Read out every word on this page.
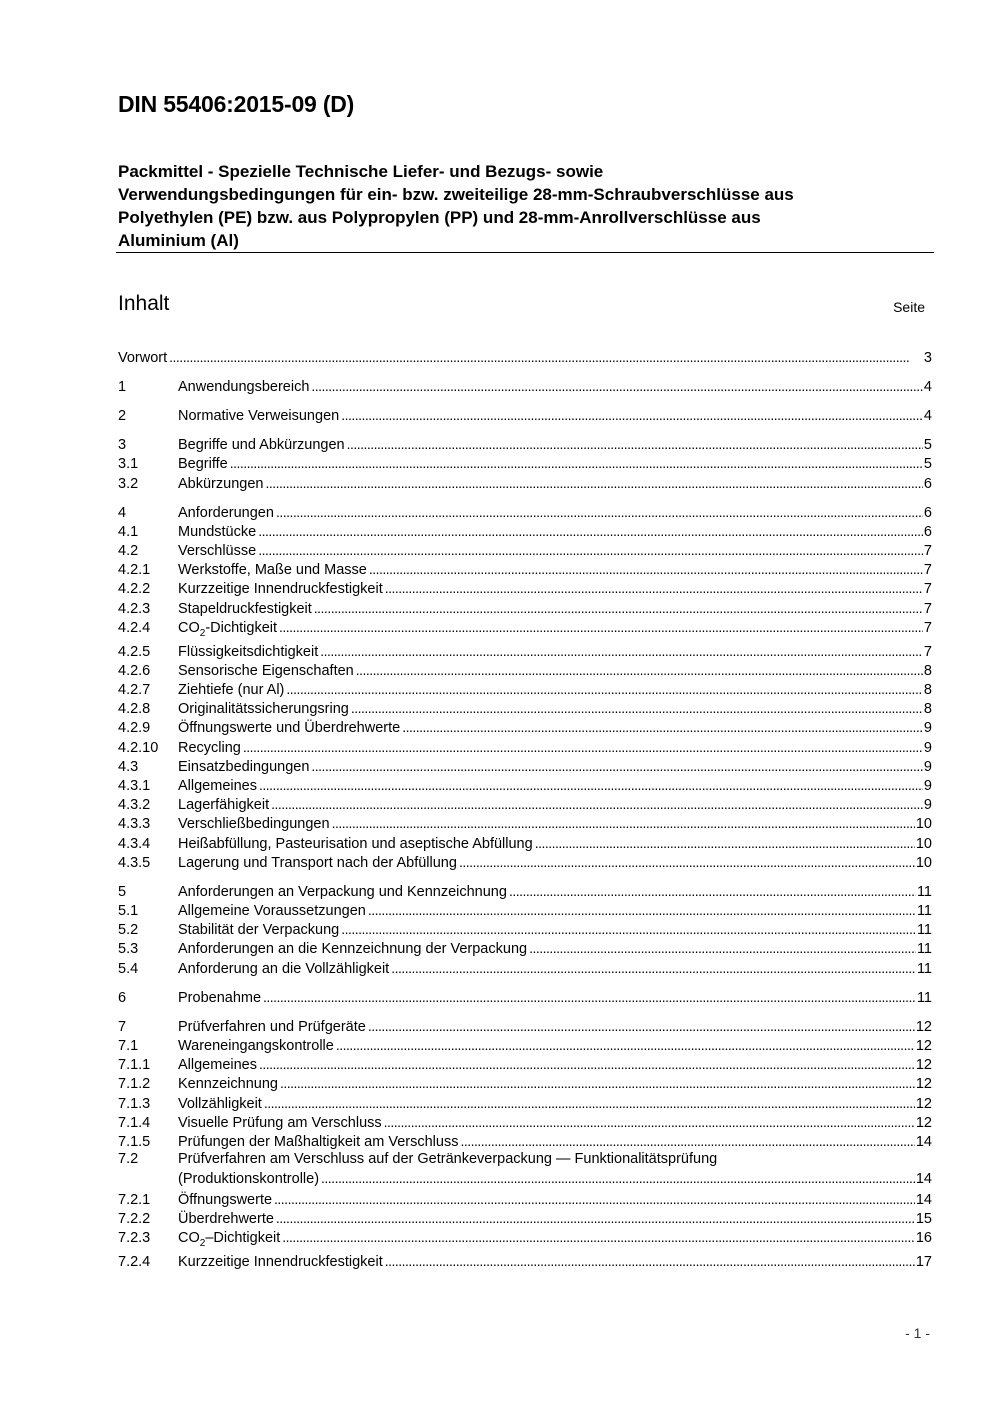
DIN 55406:2015-09 (D)
Packmittel - Spezielle Technische Liefer- und Bezugs- sowie
Verwendungsbedingungen für ein- bzw. zweiteilige 28-mm-Schraubverschlüsse aus
Polyethylen (PE) bzw. aus Polypropylen (PP) und 28-mm-Anrollverschlüsse aus
Aluminium (Al)
Inhalt	Seite
Vorwort . . .	3
1	Anwendungsbereich . . .	4
2	Normative Verweisungen . . .	4
3	Begriffe und Abkürzungen . . .	5
3.1	Begriffe . . .	5
3.2	Abkürzungen . . .	6
4	Anforderungen . . .	6
4.1	Mundstücke . . .	6
4.2	Verschlüsse . . .	7
4.2.1	Werkstoffe, Maße und Masse . . .	7
4.2.2	Kurzzeitige Innendruckfestigkeit . . .	7
4.2.3	Stapeldruckfestigkeit . . .	7
4.2.4	$CO_2$-Dichtigkeit . . .	7
4.2.5	Flüssigkeitsdichtigkeit . . .	7
4.2.6	Sensorische Eigenschaften . . .	8
4.2.7	Ziehtiefe (nur Al) . . .	8
4.2.8	Originalitätssicherungsring . . .	8
4.2.9	Öffnungswerte und Überdrehwerte . . .	9
4.2.10	Recycling . . .	9
4.3	Einsatzbedingungen . . .	9
4.3.1	Allgemeines . . .	9
4.3.2	Lagerfähigkeit . . .	9
4.3.3	Verschließbedingungen . . .	10
4.3.4	Heißabfüllung, Pasteurisation und aseptische Abfüllung . . .	10
4.3.5	Lagerung und Transport nach der Abfüllung . . .	10
5	Anforderungen an Verpackung und Kennzeichnung . . .	11
5.1	Allgemeine Voraussetzungen . . .	11
5.2	Stabilität der Verpackung . . .	11
5.3	Anforderungen an die Kennzeichnung der Verpackung . . .	11
5.4	Anforderung an die Vollzähligkeit . . .	11
6	Probenahme . . .	11
7	Prüfverfahren und Prüfgeräte . . .	12
7.1	Wareneingangskontrolle . . .	12
7.1.1	Allgemeines . . .	12
7.1.2	Kennzeichnung . . .	12
7.1.3	Vollzähligkeit . . .	12
7.1.4	Visuelle Prüfung am Verschluss . . .	12
7.1.5	Prüfungen der Maßhaltigkeit am Verschluss . . .	14
7.2	Prüfverfahren am Verschluss auf der Getränkeverpackung — Funktionalitätsprüfung
(Produktionskontrolle) . . .	14
7.2.1	Öffnungswerte . . .	14
7.2.2	Überdrehwerte . . .	15
7.2.3	$CO_2$–Dichtigkeit . . .	16
7.2.4	Kurzzeitige Innendruckfestigkeit . . .	17
- 1 -
